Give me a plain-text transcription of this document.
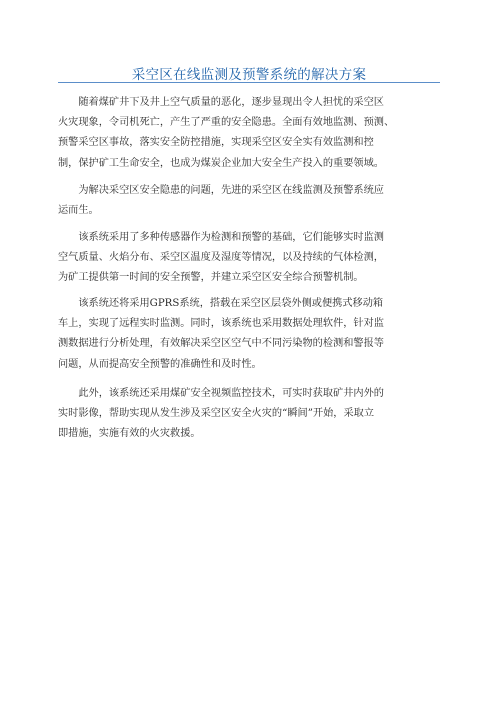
采空区在线监测及预警系统的解决方案
　　随着煤矿井下及井上空气质量的恶化，逐步显现出令人担忧的采空区
火灾现象，令司机死亡，产生了严重的安全隐患。全面有效地监测、预测、
预警采空区事故，落实安全防控措施，实现采空区安全实有效监测和控
制，保护矿工生命安全，也成为煤炭企业加大安全生产投入的重要领域。
　　为解决采空区安全隐患的问题，先进的采空区在线监测及预警系统应
运而生。
　　该系统采用了多种传感器作为检测和预警的基础，它们能够实时监测
空气质量、火焰分布、采空区温度及湿度等情况，以及持续的气体检测，
为矿工提供第一时间的安全预警，并建立采空区安全综合预警机制。
　　该系统还将采用GPRS系统，搭载在采空区层袋外侧或便携式移动箱
车上，实现了远程实时监测。同时，该系统也采用数据处理软件，针对监
测数据进行分析处理，有效解决采空区空气中不同污染物的检测和警报等
问题，从而提高安全预警的准确性和及时性。
　　此外，该系统还采用煤矿安全视频监控技术，可实时获取矿井内外的
实时影像，帮助实现从发生涉及采空区安全火灾的“瞬间”开始，采取立
即措施，实施有效的火灾救援。
